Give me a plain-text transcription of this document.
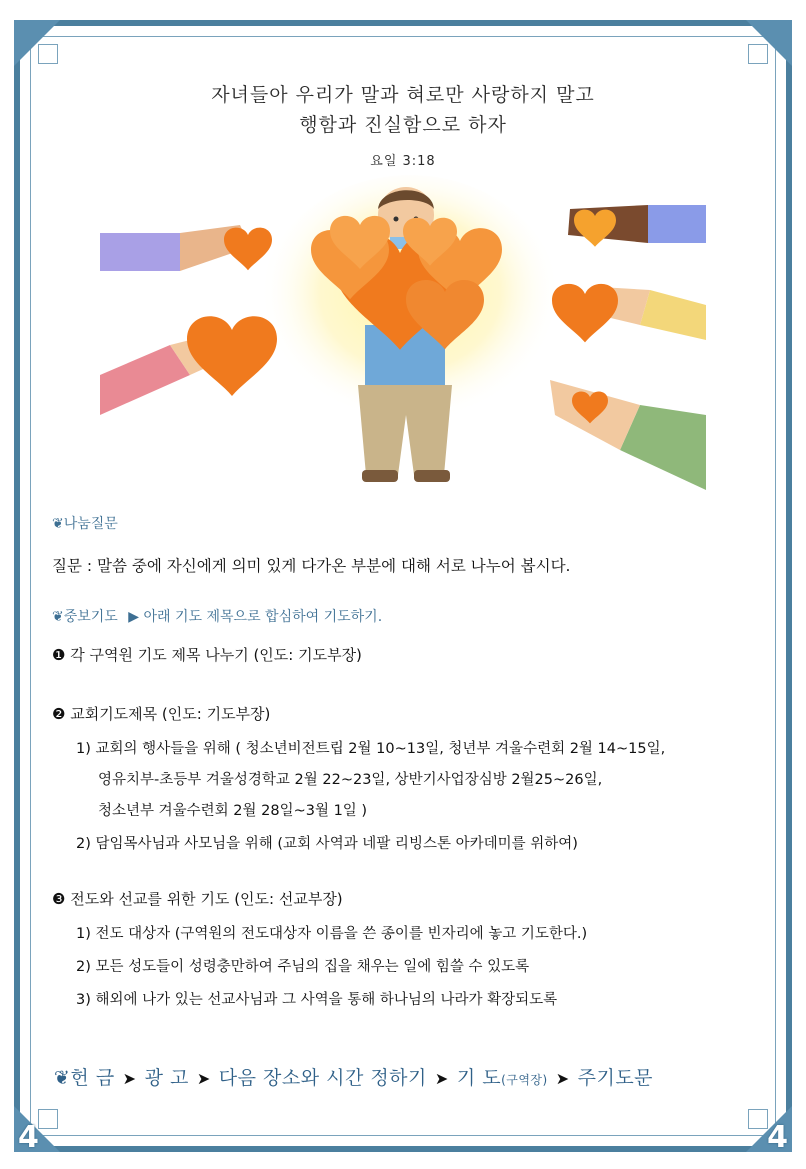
4	4
자녀들아 우리가 말과 혀로만 사랑하지 말고
행함과 진실함으로 하자
요일 3:18
❦나눔질문
질문 : 말씀 중에 자신에게 의미 있게 다가온 부분에 대해 서로 나누어 봅시다.
❦중보기도 ▶ 아래 기도 제목으로 합심하여 기도하기.
❶ 각 구역원 기도 제목 나누기 (인도: 기도부장)
❷ 교회기도제목 (인도: 기도부장)
1) 교회의 행사들을 위해 ( 청소년비전트립 2월 10~13일, 청년부 겨울수련회 2월 14~15일,
영유치부-초등부 겨울성경학교 2월 22~23일, 상반기사업장심방 2월25~26일,
청소년부 겨울수련회 2월 28일~3월 1일 )
2) 담임목사님과 사모님을 위해 (교회 사역과 네팔 리빙스톤 아카데미를 위하여)
❸ 전도와 선교를 위한 기도 (인도: 선교부장)
1) 전도 대상자 (구역원의 전도대상자 이름을 쓴 종이를 빈자리에 놓고 기도한다.)
2) 모든 성도들이 성령충만하여 주님의 집을 채우는 일에 힘쓸 수 있도록
3) 해외에 나가 있는 선교사님과 그 사역을 통해 하나님의 나라가 확장되도록
❦헌 금 ➤ 광 고 ➤ 다음 장소와 시간 정하기 ➤ 기 도(구역장) ➤ 주기도문
